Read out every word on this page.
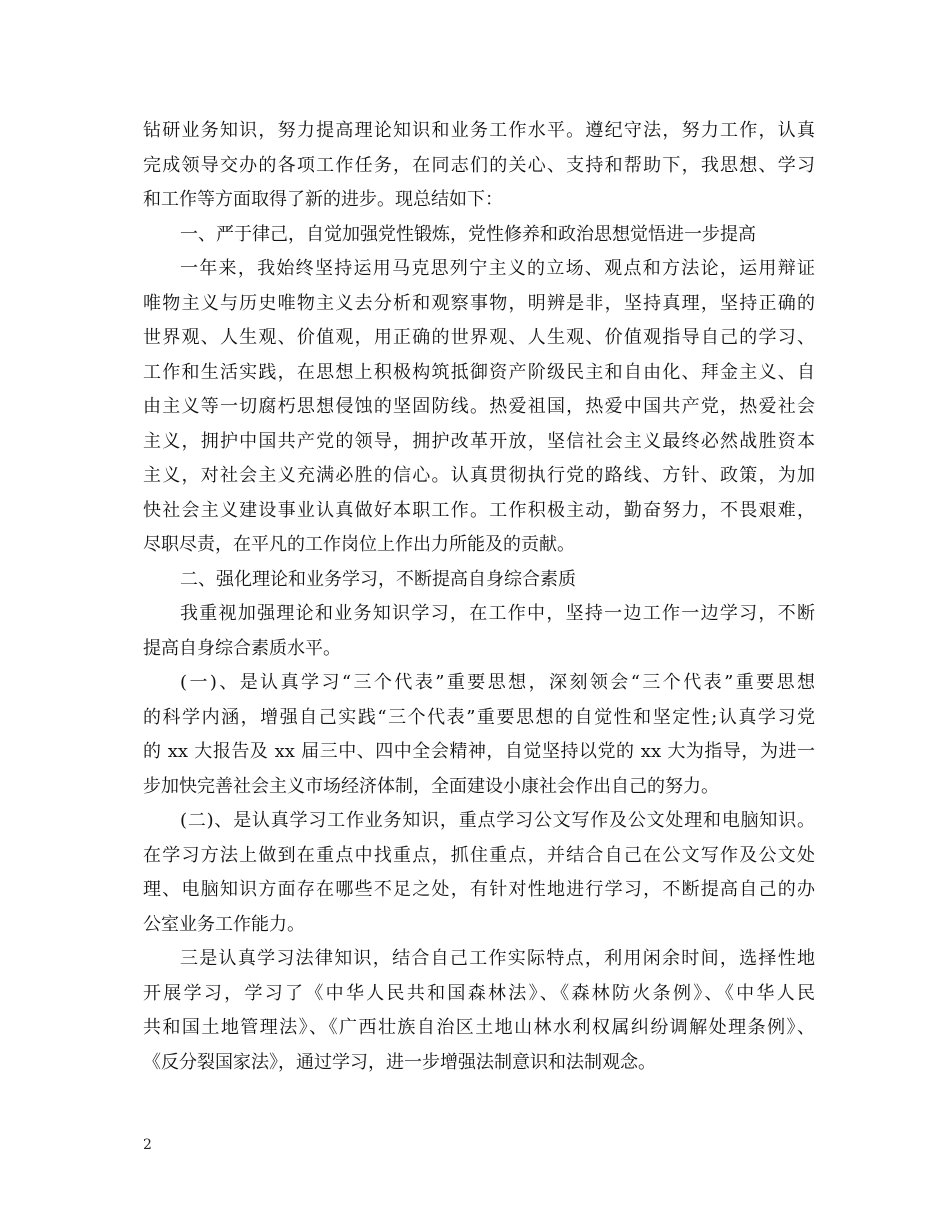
钻研业务知识，努力提高理论知识和业务工作水平。遵纪守法，努力工作，认真
完成领导交办的各项工作任务，在同志们的关心、支持和帮助下，我思想、学习
和工作等方面取得了新的进步。现总结如下：
一、严于律己，自觉加强党性锻炼，党性修养和政治思想觉悟进一步提高
一年来，我始终坚持运用马克思列宁主义的立场、观点和方法论，运用辩证
唯物主义与历史唯物主义去分析和观察事物，明辨是非，坚持真理，坚持正确的
世界观、人生观、价值观，用正确的世界观、人生观、价值观指导自己的学习、
工作和生活实践，在思想上积极构筑抵御资产阶级民主和自由化、拜金主义、自
由主义等一切腐朽思想侵蚀的坚固防线。热爱祖国，热爱中国共产党，热爱社会
主义，拥护中国共产党的领导，拥护改革开放，坚信社会主义最终必然战胜资本
主义，对社会主义充满必胜的信心。认真贯彻执行党的路线、方针、政策，为加
快社会主义建设事业认真做好本职工作。工作积极主动，勤奋努力，不畏艰难，
尽职尽责，在平凡的工作岗位上作出力所能及的贡献。
二、强化理论和业务学习，不断提高自身综合素质
我重视加强理论和业务知识学习，在工作中，坚持一边工作一边学习，不断
提高自身综合素质水平。
(一)、是认真学习“三个代表”重要思想，深刻领会“三个代表”重要思想
的科学内涵，增强自己实践“三个代表”重要思想的自觉性和坚定性;认真学习党
的 xx 大报告及 xx 届三中、四中全会精神，自觉坚持以党的 xx 大为指导，为进一
步加快完善社会主义市场经济体制，全面建设小康社会作出自己的努力。
(二)、是认真学习工作业务知识，重点学习公文写作及公文处理和电脑知识。
在学习方法上做到在重点中找重点，抓住重点，并结合自己在公文写作及公文处
理、电脑知识方面存在哪些不足之处，有针对性地进行学习，不断提高自己的办
公室业务工作能力。
三是认真学习法律知识，结合自己工作实际特点，利用闲余时间，选择性地
开展学习，学习了《中华人民共和国森林法》、《森林防火条例》、《中华人民
共和国土地管理法》、《广西壮族自治区土地山林水利权属纠纷调解处理条例》、
《反分裂国家法》，通过学习，进一步增强法制意识和法制观念。
2
